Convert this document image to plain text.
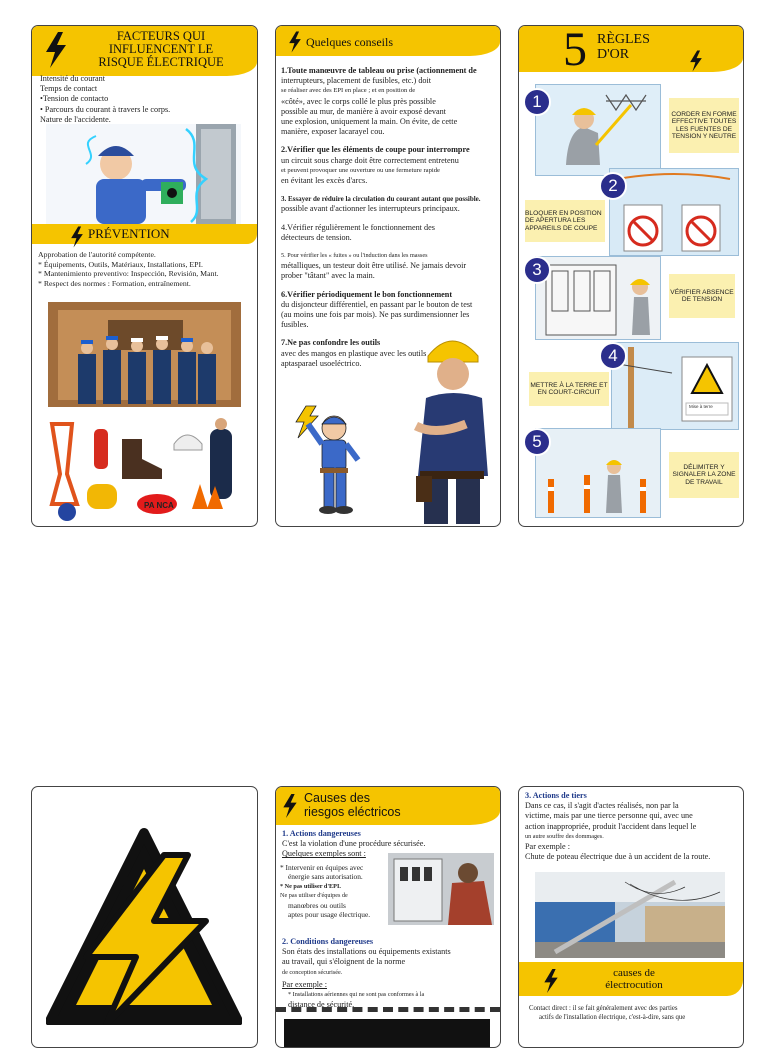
FACTEURS QUI
INFLUENCENT LE
RISQUE ÉLECTRIQUE
Intensité du courant
Temps de contact
•Tension de contacto
• Parcours du courant à travers le corps.
Nature de l'accidente.
PRÉVENTION
Approbation de l'autorité compétente.
* Équipements, Outils, Matériaux, Installations, EPI.
* Mantenimiento preventivo: Inspección, Revisión, Mant.
* Respect des normes : Formation, entraînement.
PA NCA
Quelques conseils
1.Toute manœuvre de tableau ou prise (actionnement de
interrupteurs, placement de fusibles, etc.) doit
se réaliser avec des EPI en place ; et en position de
«côté», avec le corps collé le plus près possible
possible au mur, de manière à avoir exposé devant
une explosion, uniquement la main. On évite, de cette
manière, exposer lacarayel cou.
2.Vérifier que les éléments de coupe pour interrompre
un circuit sous charge doit être correctement entretenu
et peuvent provoquer une ouverture ou une fermeture rapide
en évitant les excès d'arcs.
3. Essayer de réduire la circulation du courant autant que possible.
possible avant d'actionner les interrupteurs principaux.
4.Vérifier régulièrement le fonctionnement des
détecteurs de tension.
5. Pour vérifier les « fuites » ou l'induction dans les masses
métalliques, un testeur doit être utilisé. Ne jamais devoir
prober "tâtant" avec la main.
6.Vérifier périodiquement le bon fonctionnement
du disjoncteur différentiel, en passant par le bouton de test
(au moins une fois par mois). Ne pas surdimensionner les
fusibles.
7.Ne pas confondre les outils
avec des mangos en plastique avec les outils
aptasparael usoeléctrico.
5 RÈGLES
D'OR
1
CORDER EN FORME EFFECTIVE TOUTES LES FUENTES DE TENSION Y NEUTRE
2
BLOQUER EN POSITION DE APERTURA LES APPAREILS DE COUPE
3
VÉRIFIER ABSENCE DE TENSION
Mise à terre
4
METTRE À LA TERRE ET EN COURT-CIRCUIT
5
DÉLIMITER Y SIGNALER LA ZONE DE TRAVAIL
Causes des
riesgos eléctricos
1. Actions dangereuses
C'est la violation d'une procédure sécurisée.
Quelques exemples sont :
* Intervenir en équipes avec
énergie sans autorisation.
* Ne pas utiliser d'EPI.
Ne pas utiliser d'équipes de
manœbres ou outils
aptes pour usage électrique.
2. Conditions dangereuses
Son états des installations ou équipements existants
au travail, qui s'éloignent de la norme
de conception sécurisée.
Par exemple :
* Installations aériennes qui ne sont pas conformes à la
distance de sécurité.
3. Actions de tiers
Dans ce cas, il s'agit d'actes réalisés, non par la
victime, mais par une tierce personne qui, avec une
action inappropriée, produit l'accident dans lequel le
un autre souffre des dommages.
Par exemple :
Chute de poteau électrique due à un accident de la route.
causes de
électrocution
Contact direct : il se fait généralement avec des parties
actifs de l'installation électrique, c'est-à-dire, sans que
